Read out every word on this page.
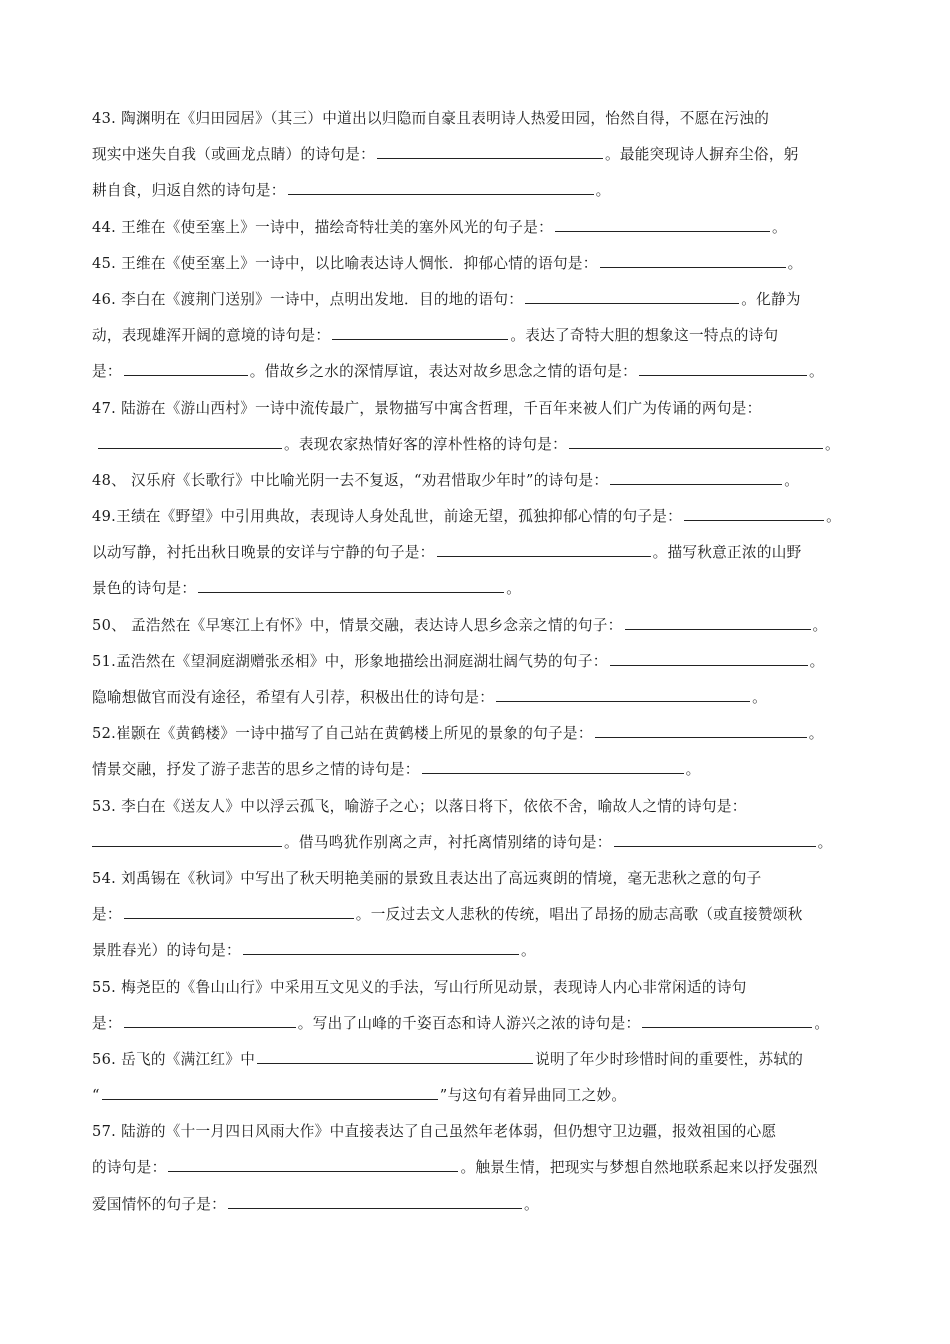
43. 陶渊明在《归田园居》（其三）中道出以归隐而自豪且表明诗人热爱田园，怡然自得，不愿在污浊的
现实中迷失自我（或画龙点睛）的诗句是：	。最能突现诗人摒弃尘俗，躬
耕自食，归返自然的诗句是：	。
44. 王维在《使至塞上》一诗中，描绘奇特壮美的塞外风光的句子是：	。
45. 王维在《使至塞上》一诗中，以比喻表达诗人惆怅．抑郁心情的语句是：	。
46. 李白在《渡荆门送别》一诗中，点明出发地．目的地的语句：	。化静为
动，表现雄浑开阔的意境的诗句是：	。表达了奇特大胆的想象这一特点的诗句
是：	。借故乡之水的深情厚谊，表达对故乡思念之情的语句是：	。
47. 陆游在《游山西村》一诗中流传最广，景物描写中寓含哲理，千百年来被人们广为传诵的两句是：
。表现农家热情好客的淳朴性格的诗句是：	。
48、 汉乐府《长歌行》中比喻光阴一去不复返，“劝君惜取少年时”的诗句是：	。
49.王绩在《野望》中引用典故，表现诗人身处乱世，前途无望，孤独抑郁心情的句子是：	。
以动写静，衬托出秋日晚景的安详与宁静的句子是：	。描写秋意正浓的山野
景色的诗句是：	。
50、 孟浩然在《早寒江上有怀》中，情景交融，表达诗人思乡念亲之情的句子：	。
51.孟浩然在《望洞庭湖赠张丞相》中，形象地描绘出洞庭湖壮阔气势的句子：	。
隐喻想做官而没有途径，希望有人引荐，积极出仕的诗句是：	。
52.崔颢在《黄鹤楼》一诗中描写了自己站在黄鹤楼上所见的景象的句子是：	。
情景交融，抒发了游子悲苦的思乡之情的诗句是：	。
53. 李白在《送友人》中以浮云孤飞，喻游子之心；以落日将下，依依不舍，喻故人之情的诗句是：
。借马鸣犹作别离之声，衬托离情别绪的诗句是：	。
54. 刘禹锡在《秋词》中写出了秋天明艳美丽的景致且表达出了高远爽朗的情境，毫无悲秋之意的句子
是：	。一反过去文人悲秋的传统，唱出了昂扬的励志高歌（或直接赞颂秋
景胜春光）的诗句是：	。
55. 梅尧臣的《鲁山山行》中采用互文见义的手法，写山行所见动景，表现诗人内心非常闲适的诗句
是：	。写出了山峰的千姿百态和诗人游兴之浓的诗句是：	。
56. 岳飞的《满江红》中	说明了年少时珍惜时间的重要性，苏轼的
“	”与这句有着异曲同工之妙。
57. 陆游的《十一月四日风雨大作》中直接表达了自己虽然年老体弱，但仍想守卫边疆，报效祖国的心愿
的诗句是：	。触景生情，把现实与梦想自然地联系起来以抒发强烈
爱国情怀的句子是：	。
